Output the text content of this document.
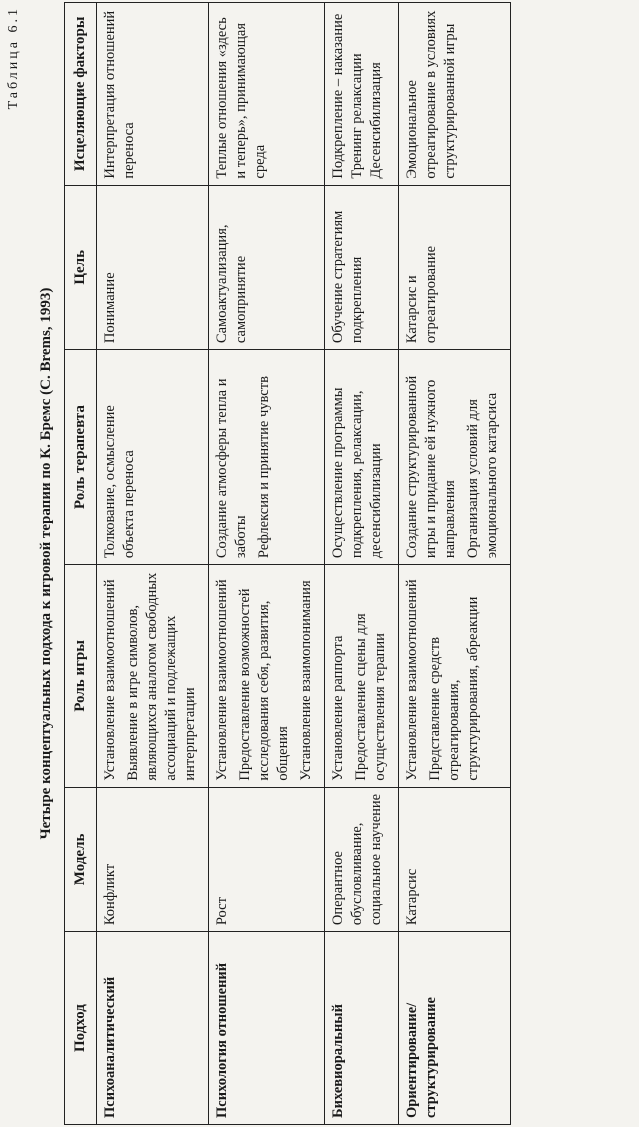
Таблица 6.1
Четыре концептуальных подхода к игровой терапии по К. Бремс (C. Brems, 1993)
Подход	Модель	Роль игры	Роль терапевта	Цель	Исцеляющие факторы
Психоаналитический	Конфликт	Установление взаимоотношений Выявление в игре символов, являющихся аналогом свободных ассоциаций и подлежащих интерпретации	Толкование, осмысление объекта переноса	Понимание	Интерпретация отношений переноса
Психология отношений	Рост	Установление взаимоотношений Предоставление возможностей исследования себя, развития, общения Установление взаимопонимания	Создание атмосферы тепла и заботы Рефлексия и принятие чувств	Самоактуализация, самопринятие	Теплые отношения «здесь и теперь», принимающая среда
Бихевиоральный	Оперантное обусловливание, социальное научение	Установление раппорта Предоставление сцены для осуществления терапии	Осуществление программы подкрепления, релаксации, десенсибилизации	Обучение стратегиям подкрепления	Подкрепление – наказание Тренинг релаксации Десенсибилизация
Ориентирование/структурирование	Катарсис	Установление взаимоотношений Представление средств отреагирования, структурирования, абреакции	Создание структурированной игры и придание ей нужного направления Организация условий для эмоционального катарсиса	Катарсис и отреагирование	Эмоциональное отреагирование в условиях структурированной игры
